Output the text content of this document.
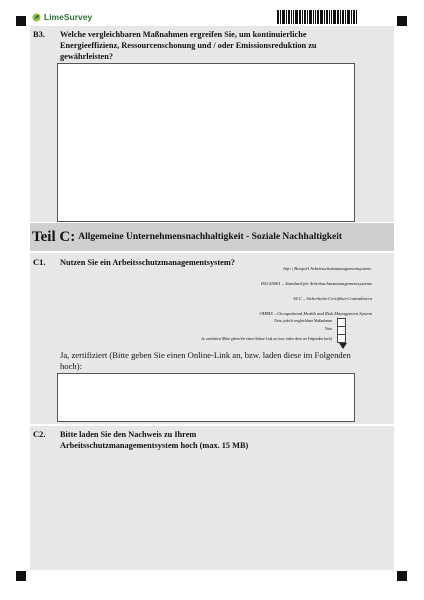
LimeSurvey
B3. Welche vergleichbaren Maßnahmen ergreifen Sie, um kontinuierliche Energieeffizienz, Ressourcenschonung und / oder Emissionsreduktion zu gewährleisten?
Teil C: Allgemeine Unternehmensnachhaltigkeit - Soziale Nachhaltigkeit
C1. Nutzen Sie ein Arbeitsschutzmanagementsystem?
Info | Beispiel Arbeitsschutzmanagementsystem:
ISO 45001 – Standard für Arbeitsschutzmanagementsysteme
SCC – Sicherheits-Certifikat-Contraktoren
OHRIS – Occupational Health and Risk Management System
Nein, jedoch vergleichbare Maßnahmen
Nein
Ja, zertifiziert (Bitte geben Sie einen Online-Link an, bzw. laden diese im Folgenden hoch)
Ja, zertifiziert (Bitte geben Sie einen Online-Link an, bzw. laden diese im Folgenden hoch):
C2. Bitte laden Sie den Nachweis zu Ihrem Arbeitsschutzmanagementsystem hoch (max. 15 MB)
